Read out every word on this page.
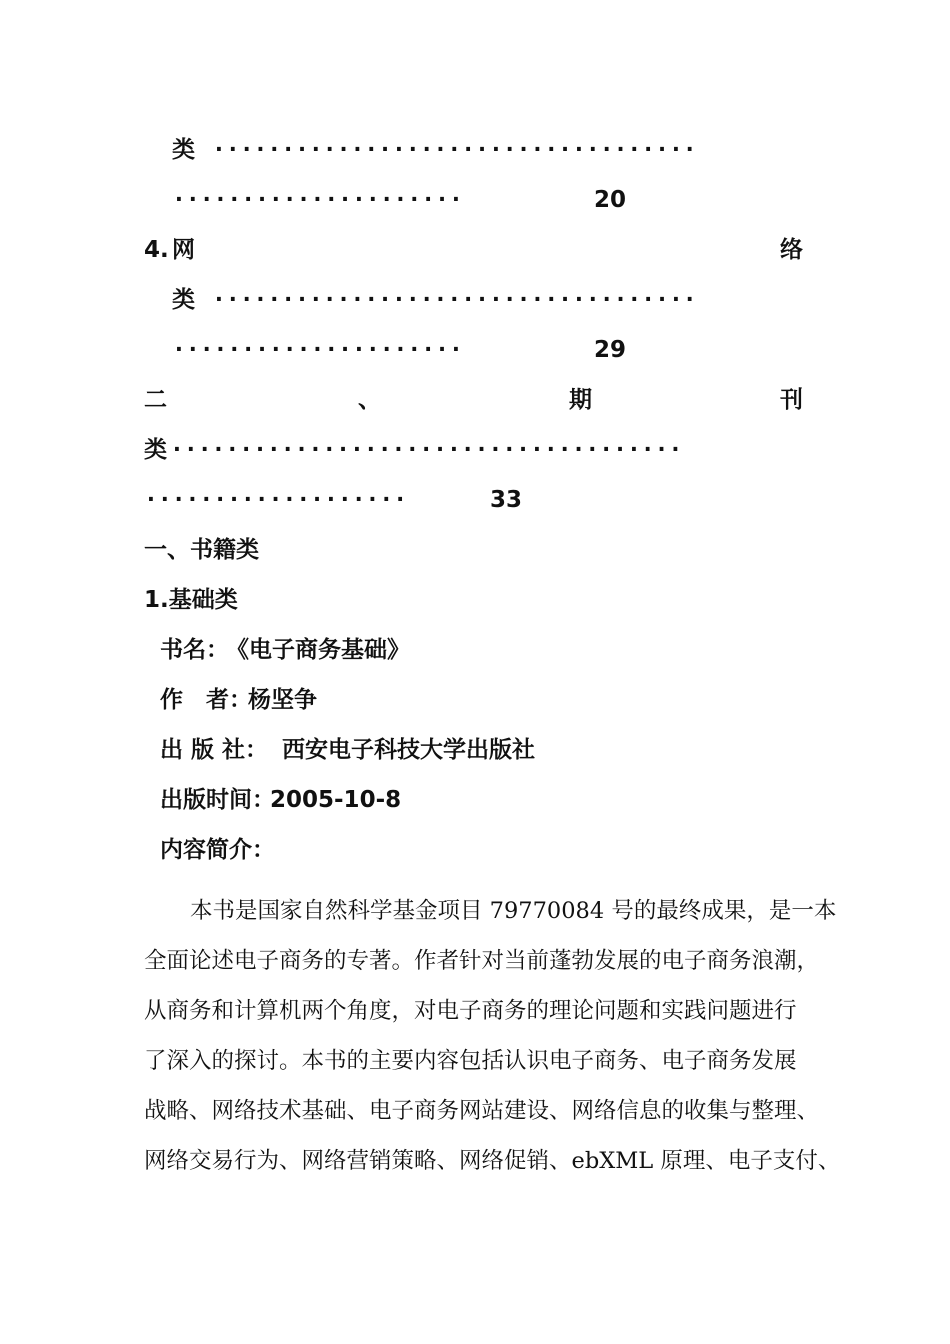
类 ···································
·····················	20
4. 网	络
类 ···································
·····················	29
二	、	期	刊
类 ·····································
···················	33
一、书籍类
1.基础类
书名：
《电子商务基础》
作　者：
杨坚争
出 版 社： 西安电子科技大学出版社
出版时间：
2005-10-8
内容简介：
本书是国家自然科学基金项目 79770084 号的最终成果，是一本
全面论述电子商务的专著。作者针对当前蓬勃发展的电子商务浪潮，
从商务和计算机两个角度，对电子商务的理论问题和实践问题进行
了深入的探讨。本书的主要内容包括认识电子商务、电子商务发展
战略、网络技术基础、电子商务网站建设、网络信息的收集与整理、
网络交易行为、网络营销策略、网络促销、ebXML 原理、电子支付、
